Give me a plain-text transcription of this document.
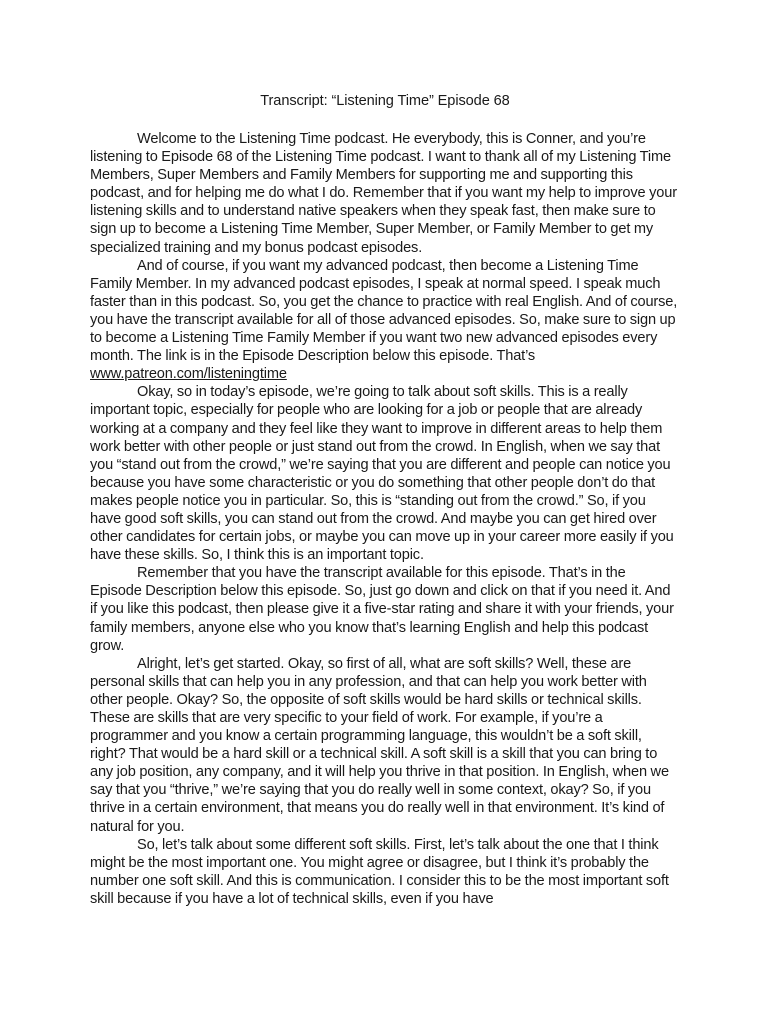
Transcript: “Listening Time” Episode 68

Welcome to the Listening Time podcast. He everybody, this is Conner, and you’re listening to Episode 68 of the Listening Time podcast. I want to thank all of my Listening Time Members, Super Members and Family Members for supporting me and supporting this podcast, and for helping me do what I do. Remember that if you want my help to improve your listening skills and to understand native speakers when they speak fast, then make sure to sign up to become a Listening Time Member, Super Member, or Family Member to get my specialized training and my bonus podcast episodes.

And of course, if you want my advanced podcast, then become a Listening Time Family Member. In my advanced podcast episodes, I speak at normal speed. I speak much faster than in this podcast. So, you get the chance to practice with real English. And of course, you have the transcript available for all of those advanced episodes. So, make sure to sign up to become a Listening Time Family Member if you want two new advanced episodes every month. The link is in the Episode Description below this episode. That’s www.patreon.com/listeningtime

Okay, so in today’s episode, we’re going to talk about soft skills. This is a really important topic, especially for people who are looking for a job or people that are already working at a company and they feel like they want to improve in different areas to help them work better with other people or just stand out from the crowd. In English, when we say that you “stand out from the crowd,” we’re saying that you are different and people can notice you because you have some characteristic or you do something that other people don’t do that makes people notice you in particular. So, this is “standing out from the crowd.” So, if you have good soft skills, you can stand out from the crowd. And maybe you can get hired over other candidates for certain jobs, or maybe you can move up in your career more easily if you have these skills. So, I think this is an important topic.

Remember that you have the transcript available for this episode. That’s in the Episode Description below this episode. So, just go down and click on that if you need it. And if you like this podcast, then please give it a five-star rating and share it with your friends, your family members, anyone else who you know that’s learning English and help this podcast grow.

Alright, let’s get started. Okay, so first of all, what are soft skills? Well, these are personal skills that can help you in any profession, and that can help you work better with other people. Okay? So, the opposite of soft skills would be hard skills or technical skills. These are skills that are very specific to your field of work. For example, if you’re a programmer and you know a certain programming language, this wouldn’t be a soft skill, right? That would be a hard skill or a technical skill. A soft skill is a skill that you can bring to any job position, any company, and it will help you thrive in that position. In English, when we say that you “thrive,” we’re saying that you do really well in some context, okay? So, if you thrive in a certain environment, that means you do really well in that environment. It’s kind of natural for you.

So, let’s talk about some different soft skills. First, let’s talk about the one that I think might be the most important one. You might agree or disagree, but I think it’s probably the number one soft skill. And this is communication. I consider this to be the most important soft skill because if you have a lot of technical skills, even if you have
